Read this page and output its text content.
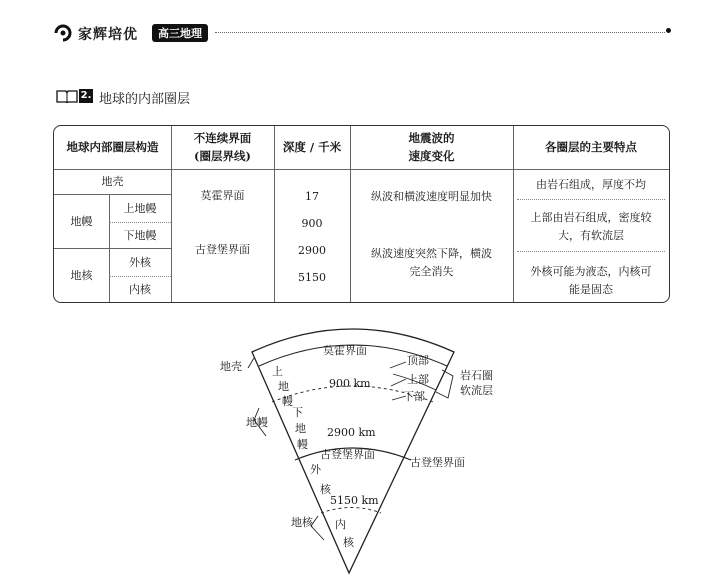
家辉培优	高三地理
2. 地球的内部圈层
地球内部圈层构造
不连续界面
(圈层界线)
深度 / 千米
地震波的
速度变化
各圈层的主要特点
地壳
地幔
上地幔
下地幔
地核
外核
内核
莫霍界面
古登堡界面
17
900
2900
5150
纵波和横波速度明显加快
纵波速度突然下降，横波
完全消失
由岩石组成，厚度不均
上部由岩石组成，密度较
大，有软流层
外核可能为液态，内核可
能是固态
莫霍界面
地壳
地幔
地核
上
地
幔
下
地
幔
外
核
内
核
900 km
2900 km
5150 km
古登堡界面
古登堡界面
顶部
上部
下部
岩石圈
软流层
